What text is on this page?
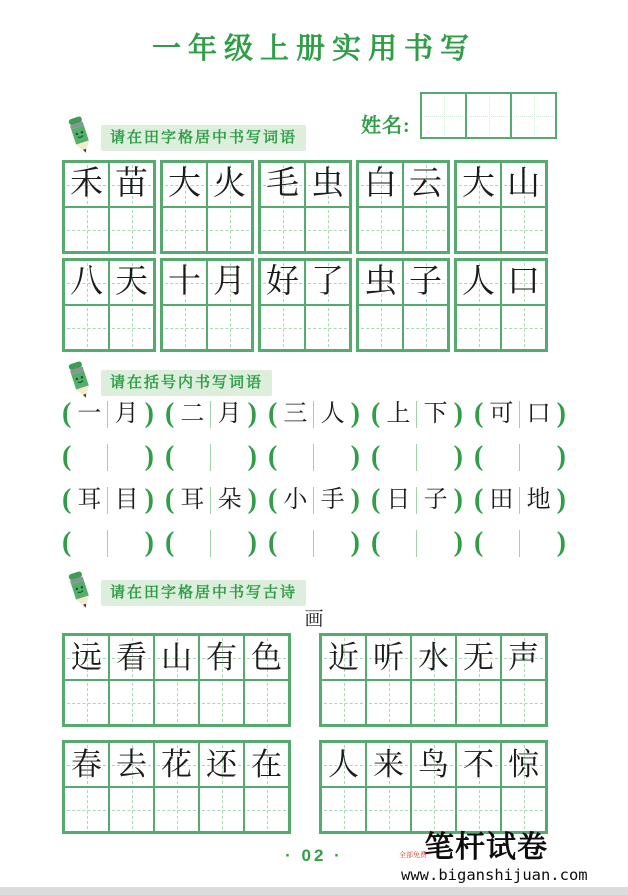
一年级上册实用书写
姓名:
请在田字格居中书写词语
禾 苗 大 火 毛 虫 白 云 大 山
八 天 十 月 好 了 虫 子 人 口
请在括号内书写词语
( 一 月 ) ( 二 月 ) ( 三 人 ) ( 上 下 ) ( 可 口 )
(	) (	) (	) (	) (	)
( 耳 目 ) ( 耳 朵 ) ( 小 手 ) ( 日 子 ) ( 田 地 )
(	) (	) (	) (	) (	)
请在田字格居中书写古诗
画
远 看 山 有 色 近 听 水 无 声
春 去 花 还 在 人 来 鸟 不 惊
· 02 ·	笔杆试卷
全部免费
www.biganshijuan.com
